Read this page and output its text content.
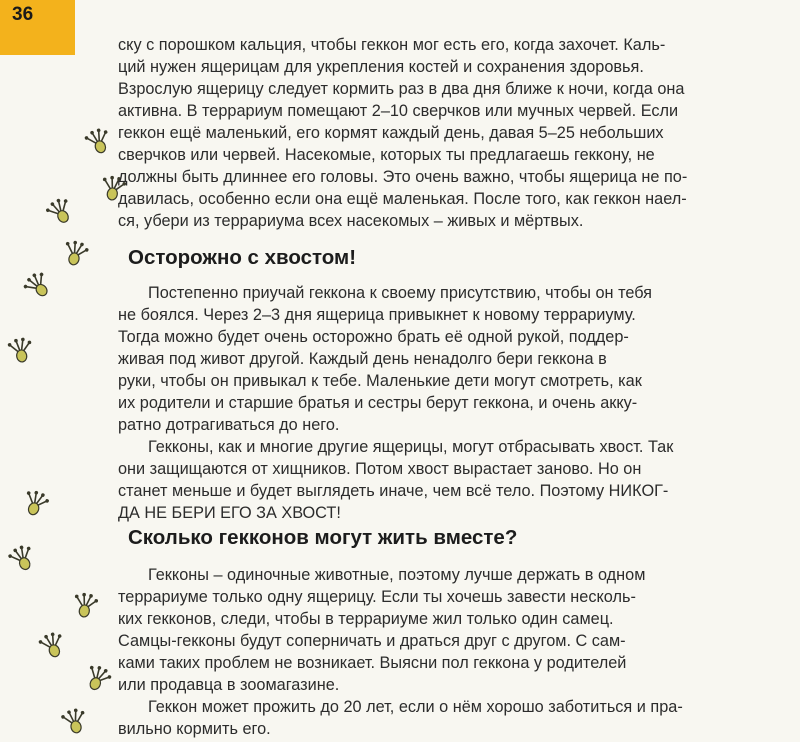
36
ску с порошком кальция, чтобы геккон мог есть его, когда захочет. Каль-
ций нужен ящерицам для укрепления костей и сохранения здоровья.
Взрослую ящерицу следует кормить раз в два дня ближе к ночи, когда она
активна. В террариум помещают 2–10 сверчков или мучных червей. Если
геккон ещё маленький, его кормят каждый день, давая 5–25 небольших
сверчков или червей. Насекомые, которых ты предлагаешь геккону, не
должны быть длиннее его головы. Это очень важно, чтобы ящерица не по-
давилась, особенно если она ещё маленькая. После того, как геккон наел-
ся, убери из террариума всех насекомых – живых и мёртвых.
Осторожно с хвостом!
Постепенно приучай геккона к своему присутствию, чтобы он тебя
не боялся. Через 2–3 дня ящерица привыкнет к новому террариуму.
Тогда можно будет очень осторожно брать её одной рукой, поддер-
живая под живот другой. Каждый день ненадолго бери геккона в
руки, чтобы он привыкал к тебе. Маленькие дети могут смотреть, как
их родители и старшие братья и сестры берут геккона, и очень акку-
ратно дотрагиваться до него.
Гекконы, как и многие другие ящерицы, могут отбрасывать хвост. Так
они защищаются от хищников. Потом хвост вырастает заново. Но он
станет меньше и будет выглядеть иначе, чем всё тело. Поэтому НИКОГ-
ДА НЕ БЕРИ ЕГО ЗА ХВОСТ!
Сколько гекконов могут жить вместе?
Гекконы – одиночные животные, поэтому лучше держать в одном
террариуме только одну ящерицу. Если ты хочешь завести несколь-
ких гекконов, следи, чтобы в террариуме жил только один самец.
Самцы-гекконы будут соперничать и драться друг с другом. С сам-
ками таких проблем не возникает. Выясни пол геккона у родителей
или продавца в зоомагазине.
Геккон может прожить до 20 лет, если о нём хорошо заботиться и пра-
вильно кормить его.
